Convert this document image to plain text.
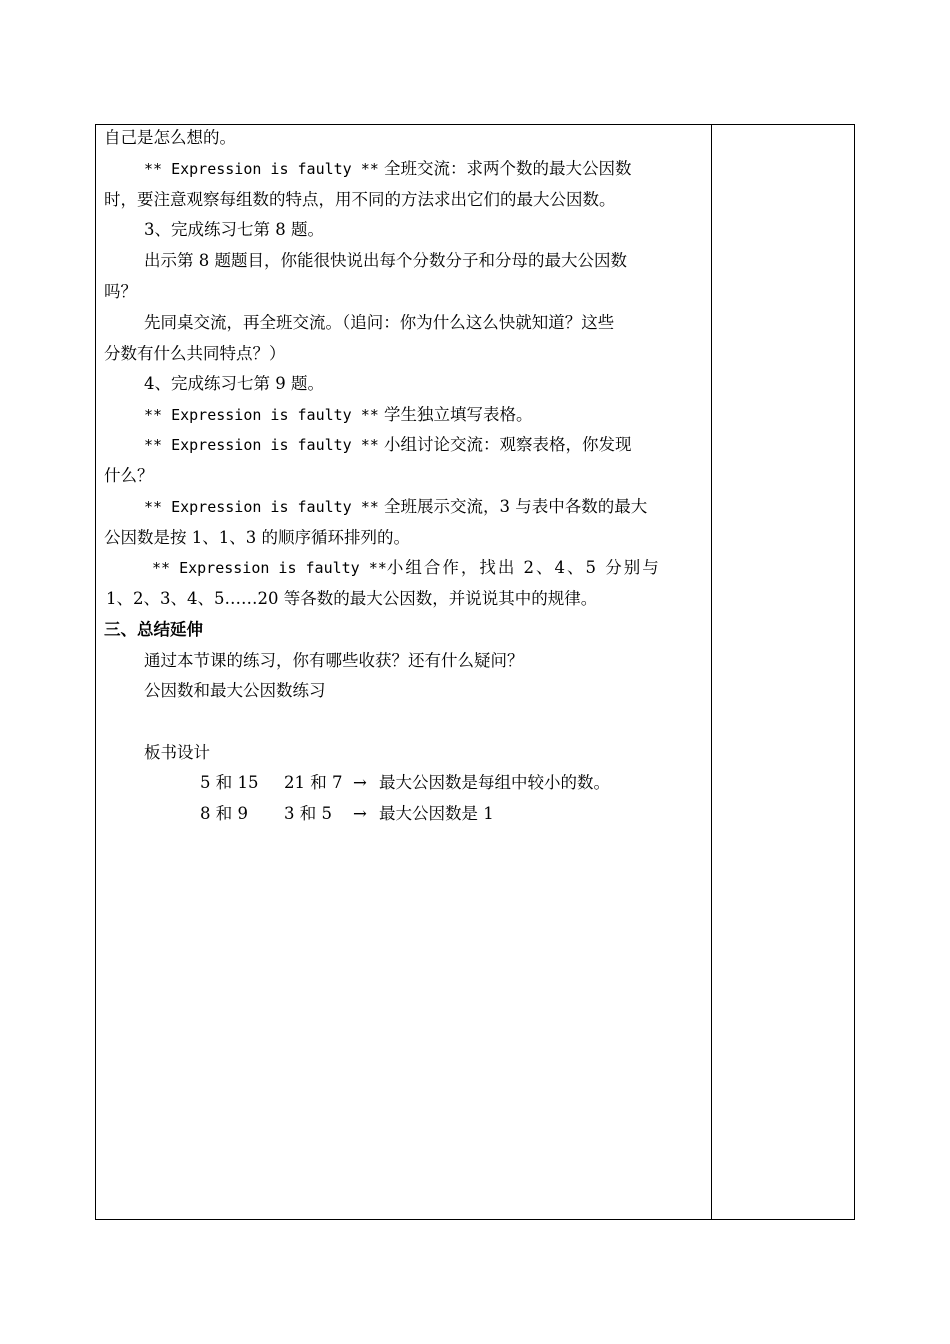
自己是怎么想的。
** Expression is faulty ** 全班交流：求两个数的最大公因数
时，要注意观察每组数的特点，用不同的方法求出它们的最大公因数。
3、完成练习七第 8 题。
出示第 8 题题目，你能很快说出每个分数分子和分母的最大公因数
吗？
先同桌交流，再全班交流。（追问：你为什么这么快就知道？这些
分数有什么共同特点？）
4、完成练习七第 9 题。
** Expression is faulty ** 学生独立填写表格。
** Expression is faulty ** 小组讨论交流：观察表格，你发现
什么？
** Expression is faulty ** 全班展示交流，3 与表中各数的最大
公因数是按 1、1、3 的顺序循环排列的。
** Expression is faulty **小组合作，找出 2、4、5 分别与
1、2、3、4、5……20 等各数的最大公因数，并说说其中的规律。
三、总结延伸
通过本节课的练习，你有哪些收获？还有什么疑问？
公因数和最大公因数练习
板书设计
5 和 15 21 和 7 → 最大公因数是每组中较小的数。
8 和 9 3 和 5 → 最大公因数是 1
